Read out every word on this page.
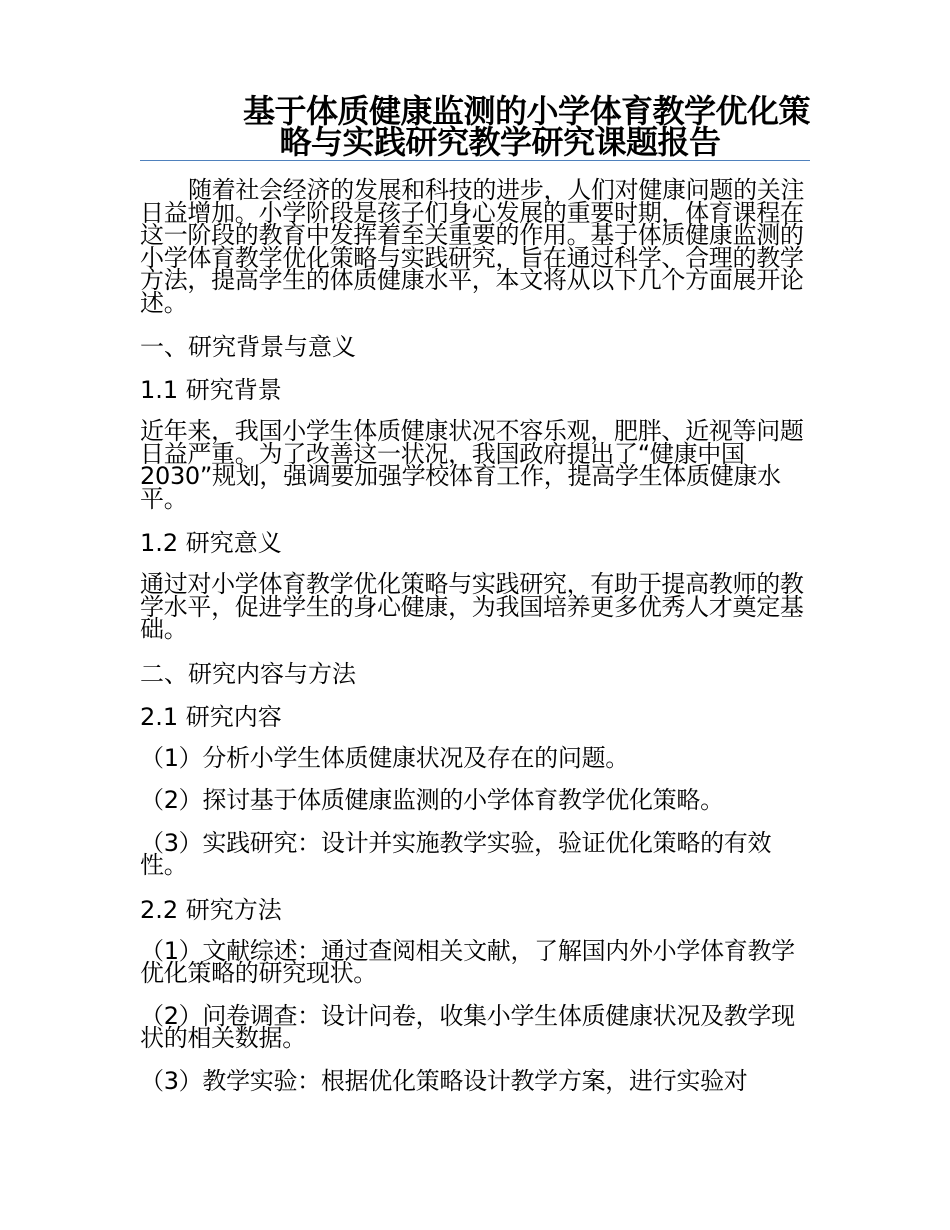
基于体质健康监测的小学体育教学优化策
略与实践研究教学研究课题报告

随着社会经济的发展和科技的进步，人们对健康问题的关注日益增加。小学阶段是孩子们身心发展的重要时期，体育课程在这一阶段的教育中发挥着至关重要的作用。基于体质健康监测的小学体育教学优化策略与实践研究，旨在通过科学、合理的教学方法，提高学生的体质健康水平，本文将从以下几个方面展开论述。

一、研究背景与意义

1.1 研究背景

近年来，我国小学生体质健康状况不容乐观，肥胖、近视等问题日益严重。为了改善这一状况，我国政府提出了“健康中国2030”规划，强调要加强学校体育工作，提高学生体质健康水平。

1.2 研究意义

通过对小学体育教学优化策略与实践研究，有助于提高教师的教学水平，促进学生的身心健康，为我国培养更多优秀人才奠定基础。

二、研究内容与方法

2.1 研究内容

（1）分析小学生体质健康状况及存在的问题。

（2）探讨基于体质健康监测的小学体育教学优化策略。

（3）实践研究：设计并实施教学实验，验证优化策略的有效性。

2.2 研究方法

（1）文献综述：通过查阅相关文献，了解国内外小学体育教学优化策略的研究现状。

（2）问卷调查：设计问卷，收集小学生体质健康状况及教学现状的相关数据。

（3）教学实验：根据优化策略设计教学方案，进行实验对
